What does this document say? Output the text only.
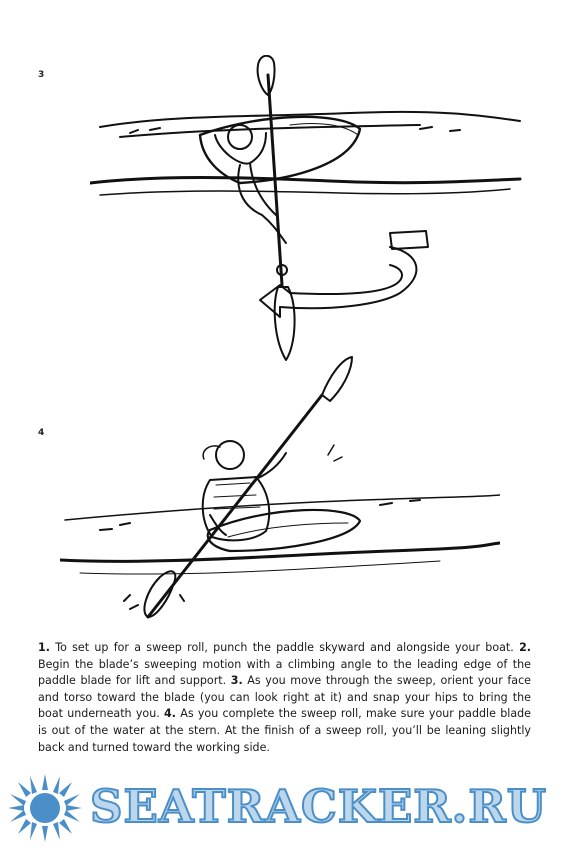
3
4
1. To set up for a sweep roll, punch the paddle skyward and alongside your boat. 2. Begin the blade’s sweeping motion with a climbing angle to the leading edge of the paddle blade for lift and support. 3. As you move through the sweep, orient your face and torso toward the blade (you can look right at it) and snap your hips to bring the boat underneath you. 4. As you complete the sweep roll, make sure your paddle blade is out of the water at the stern. At the finish of a sweep roll, you’ll be leaning slightly back and turned toward the working side.
SEATRACKER.RU
